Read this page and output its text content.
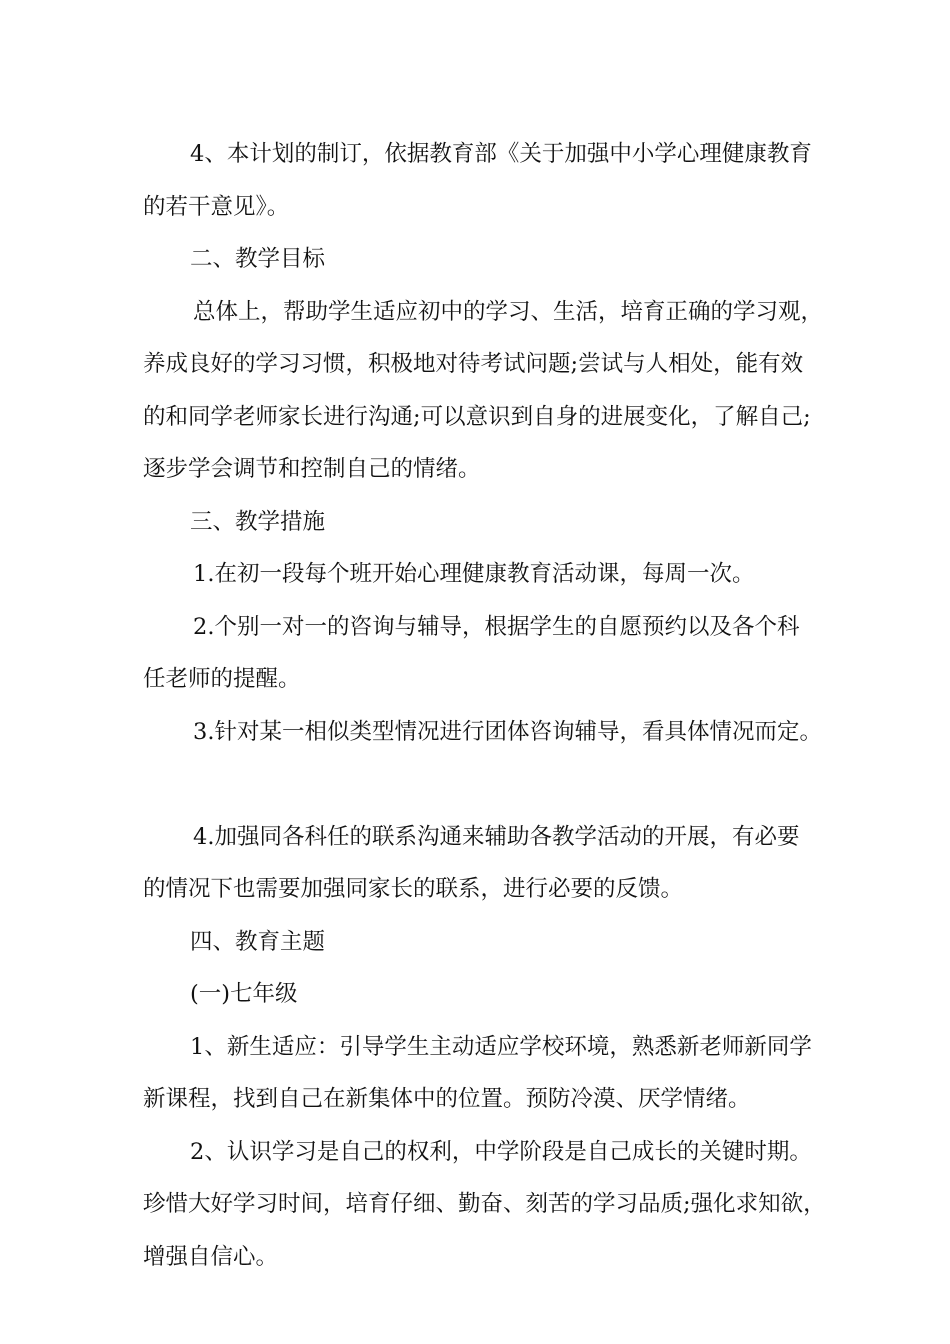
4、本计划的制订，依据教育部《关于加强中小学心理健康教育
的若干意见》。
二、教学目标
总体上，帮助学生适应初中的学习、生活，培育正确的学习观，
养成良好的学习习惯，积极地对待考试问题;尝试与人相处，能有效
的和同学老师家长进行沟通;可以意识到自身的进展变化，了解自己;
逐步学会调节和控制自己的情绪。
三、教学措施
1.在初一段每个班开始心理健康教育活动课，每周一次。
2.个别一对一的咨询与辅导，根据学生的自愿预约以及各个科
任老师的提醒。
3.针对某一相似类型情况进行团体咨询辅导，看具体情况而定。
4.加强同各科任的联系沟通来辅助各教学活动的开展，有必要
的情况下也需要加强同家长的联系，进行必要的反馈。
四、教育主题
(一)七年级
1、新生适应：引导学生主动适应学校环境，熟悉新老师新同学
新课程，找到自己在新集体中的位置。预防冷漠、厌学情绪。
2、认识学习是自己的权利，中学阶段是自己成长的关键时期。
珍惜大好学习时间，培育仔细、勤奋、刻苦的学习品质;强化求知欲，
增强自信心。
